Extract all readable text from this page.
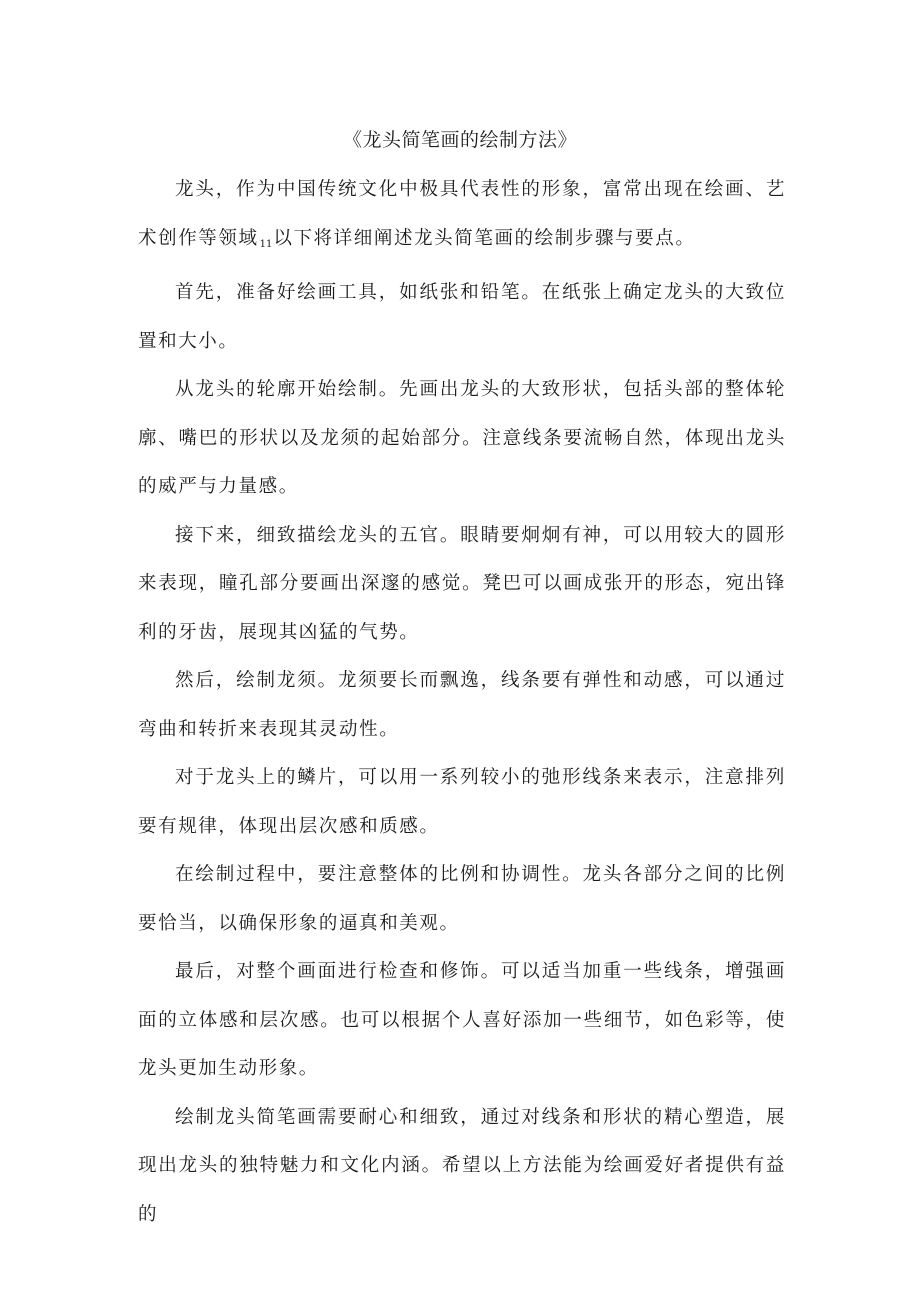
《龙头简笔画的绘制方法》

龙头，作为中国传统文化中极具代表性的形象，富常出现在绘画、艺术创作等领域11以下将详细阐述龙头简笔画的绘制步骤与要点。

首先，准备好绘画工具，如纸张和铅笔。在纸张上确定龙头的大致位置和大小。

从龙头的轮廓开始绘制。先画出龙头的大致形状，包括头部的整体轮廓、嘴巴的形状以及龙须的起始部分。注意线条要流畅自然，体现出龙头的威严与力量感。

接下来，细致描绘龙头的五官。眼睛要炯炯有神，可以用较大的圆形来表现，瞳孔部分要画出深邃的感觉。凳巴可以画成张开的形态，宛出锋利的牙齿，展现其凶猛的气势。

然后，绘制龙须。龙须要长而飘逸，线条要有弹性和动感，可以通过弯曲和转折来表现其灵动性。

对于龙头上的鳞片，可以用一系列较小的弛形线条来表示，注意排列要有规律，体现出层次感和质感。

在绘制过程中，要注意整体的比例和协调性。龙头各部分之间的比例要恰当，以确保形象的逼真和美观。

最后，对整个画面进行检查和修饰。可以适当加重一些线条，增强画面的立体感和层次感。也可以根据个人喜好添加一些细节，如色彩等，使龙头更加生动形象。

绘制龙头简笔画需要耐心和细致，通过对线条和形状的精心塑造，展现出龙头的独特魅力和文化内涵。希望以上方法能为绘画爱好者提供有益的
